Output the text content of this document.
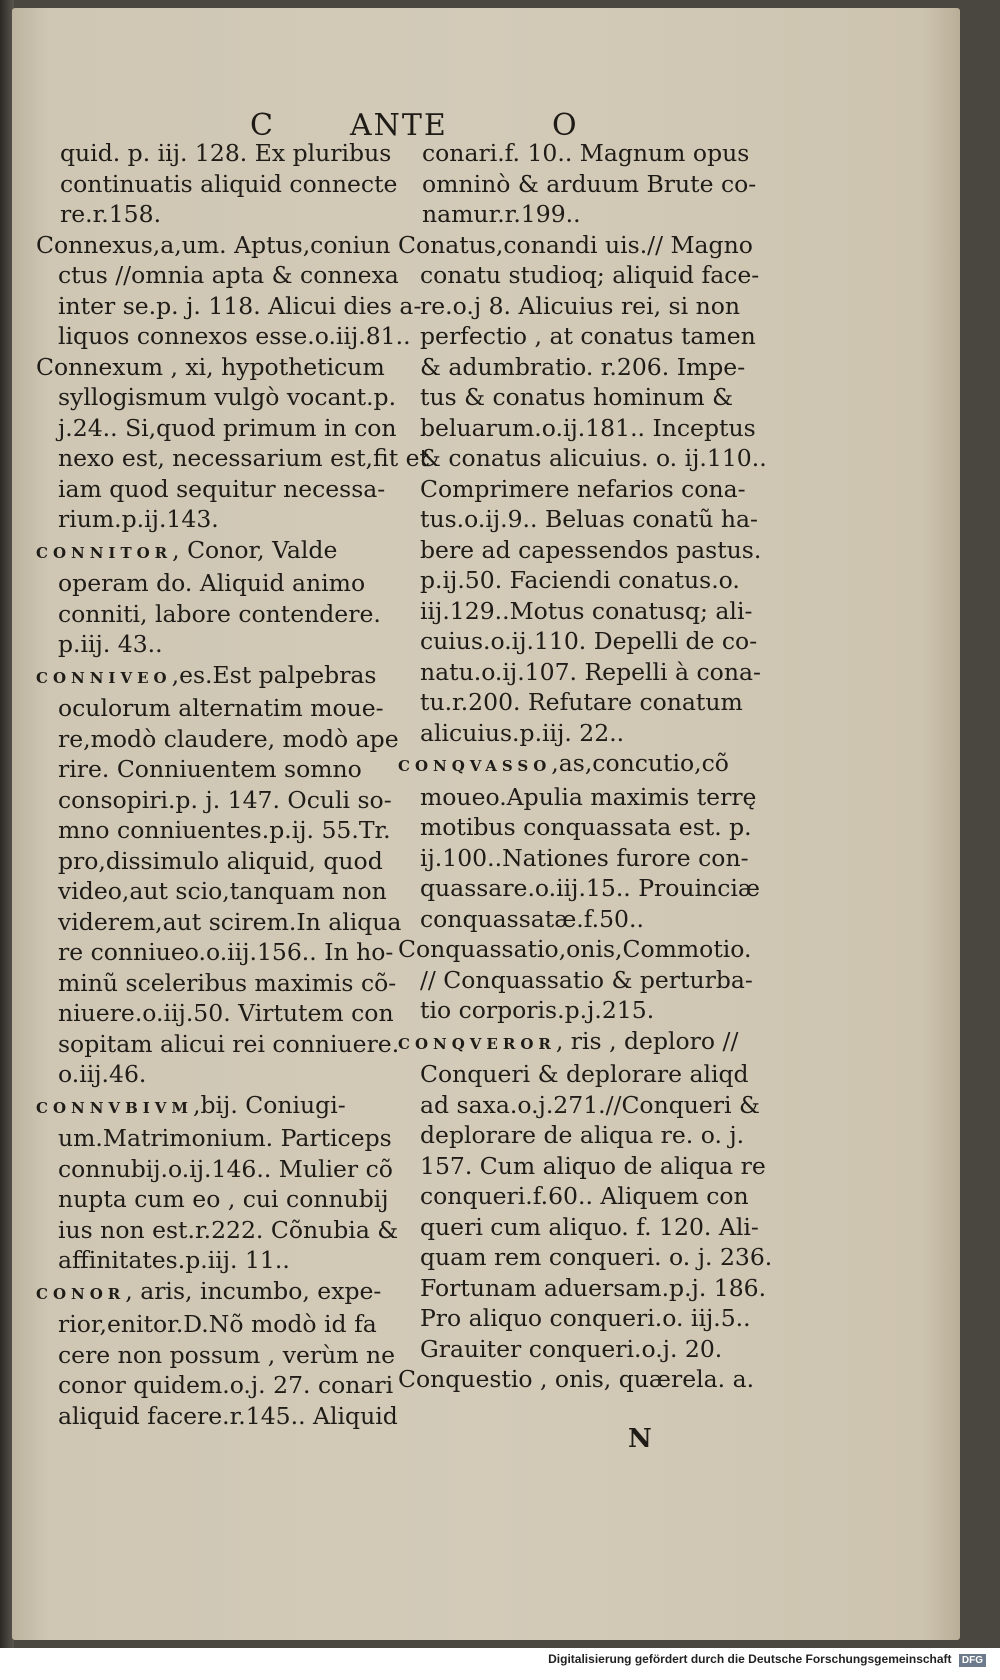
C	ANTE	O
quid. p. iij. 128. Ex pluribus
continuatis aliquid connecte
re.r.158.
Connexus,a,um. Aptus,coniun
ctus //omnia apta & connexa
inter se.p. j. 118. Alicui dies a-
liquos connexos esse.o.iij.81..
Connexum , xi, hypotheticum
syllogismum vulgò vocant.p.
j.24.. Si,quod primum in con
nexo est, necessarium est,fit et
iam quod sequitur necessa-
rium.p.ij.143.
CONNITOR, Conor, Valde
operam do. Aliquid animo
conniti, labore contendere.
p.iij. 43..
CONNIVEO,es.Est palpebras
oculorum alternatim moue-
re,modò claudere, modò ape
rire. Conniuentem somno
consopiri.p. j. 147. Oculi so-
mno conniuentes.p.ij. 55.Tr.
pro,dissimulo aliquid, quod
video,aut scio,tanquam non
viderem,aut scirem.In aliqua
re conniueo.o.iij.156.. In ho-
minũ sceleribus maximis cõ-
niuere.o.iij.50. Virtutem con
sopitam alicui rei conniuere.
o.iij.46.
CONNVBIVM,bij. Coniugi-
um.Matrimonium. Particeps
connubij.o.ij.146.. Mulier cõ
nupta cum eo , cui connubij
ius non est.r.222. Cõnubia &
affinitates.p.iij. 11..
CONOR, aris, incumbo, expe-
rior,enitor.D.Nõ modò id fa
cere non possum , verùm ne
conor quidem.o.j. 27. conari
aliquid facere.r.145.. Aliquid
conari.f. 10.. Magnum opus
omninò & arduum Brute co-
namur.r.199..
Conatus,conandi uis.// Magno
conatu studioq; aliquid face-
re.o.j 8. Alicuius rei, si non
perfectio , at conatus tamen
& adumbratio. r.206. Impe-
tus & conatus hominum &
beluarum.o.ij.181.. Inceptus
& conatus alicuius. o. ij.110..
Comprimere nefarios cona-
tus.o.ij.9.. Beluas conatũ ha-
bere ad capessendos pastus.
p.ij.50. Faciendi conatus.o.
iij.129..Motus conatusq; ali-
cuius.o.ij.110. Depelli de co-
natu.o.ij.107. Repelli à cona-
tu.r.200. Refutare conatum
alicuius.p.iij. 22..
CONQVASSO,as,concutio,cõ
moueo.Apulia maximis terrę
motibus conquassata est. p.
ij.100..Nationes furore con-
quassare.o.iij.15.. Prouinciæ
conquassatæ.f.50..
Conquassatio,onis,Commotio.
// Conquassatio & perturba-
tio corporis.p.j.215.
CONQVEROR, ris , deploro //
Conqueri & deplorare aliqd
ad saxa.o.j.271.//Conqueri &
deplorare de aliqua re. o. j.
157. Cum aliquo de aliqua re
conqueri.f.60.. Aliquem con
queri cum aliquo. f. 120. Ali-
quam rem conqueri. o. j. 236.
Fortunam aduersam.p.j. 186.
Pro aliquo conqueri.o. iij.5..
Grauiter conqueri.o.j. 20.
Conquestio , onis, quærela. a.
N
Digitalisierung gefördert durch die Deutsche Forschungsgemeinschaft DFG
